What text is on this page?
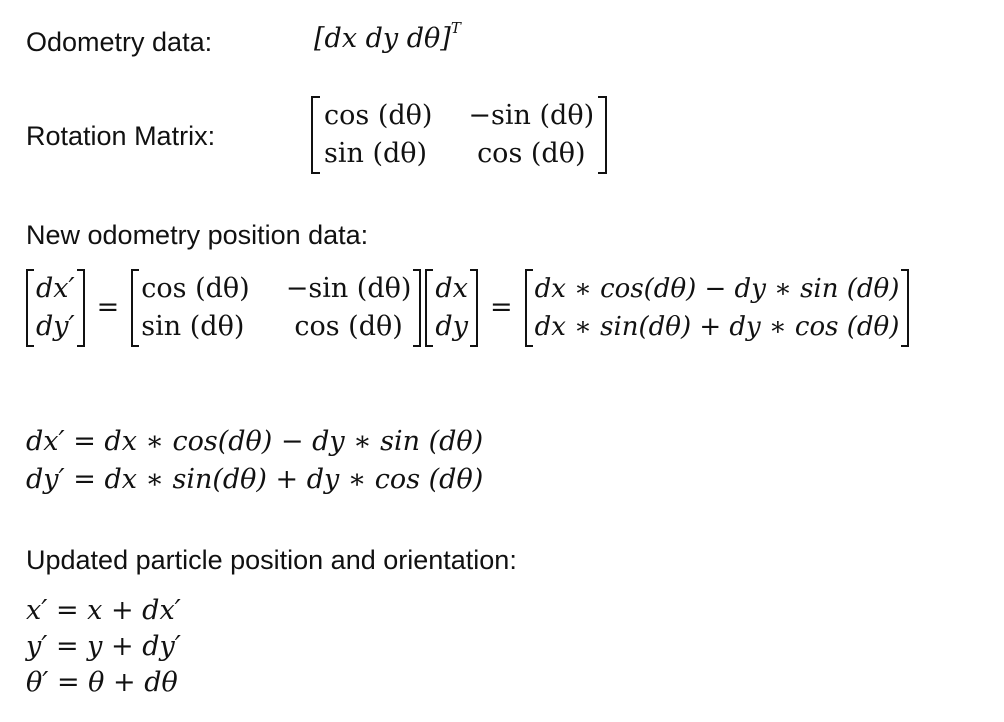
Odometry data:
Rotation Matrix:
New odometry position data:
Updated particle position and orientation:
[dx dy dθ]$^T$
cos (dθ) −sin (dθ)
sin (dθ)	cos (dθ)
dx′
dy′
=
cos (dθ) −sin (dθ)
sin (dθ)	cos (dθ)
dx
dy
=
dx ∗ cos(dθ) − dy ∗ sin (dθ)
dx ∗ sin(dθ) + dy ∗ cos (dθ)
dx′ = dx ∗ cos(dθ) − dy ∗ sin (dθ)
dy′ = dx ∗ sin(dθ) + dy ∗ cos (dθ)
x′ = x + dx′
y′ = y + dy′
θ′ = θ + dθ
